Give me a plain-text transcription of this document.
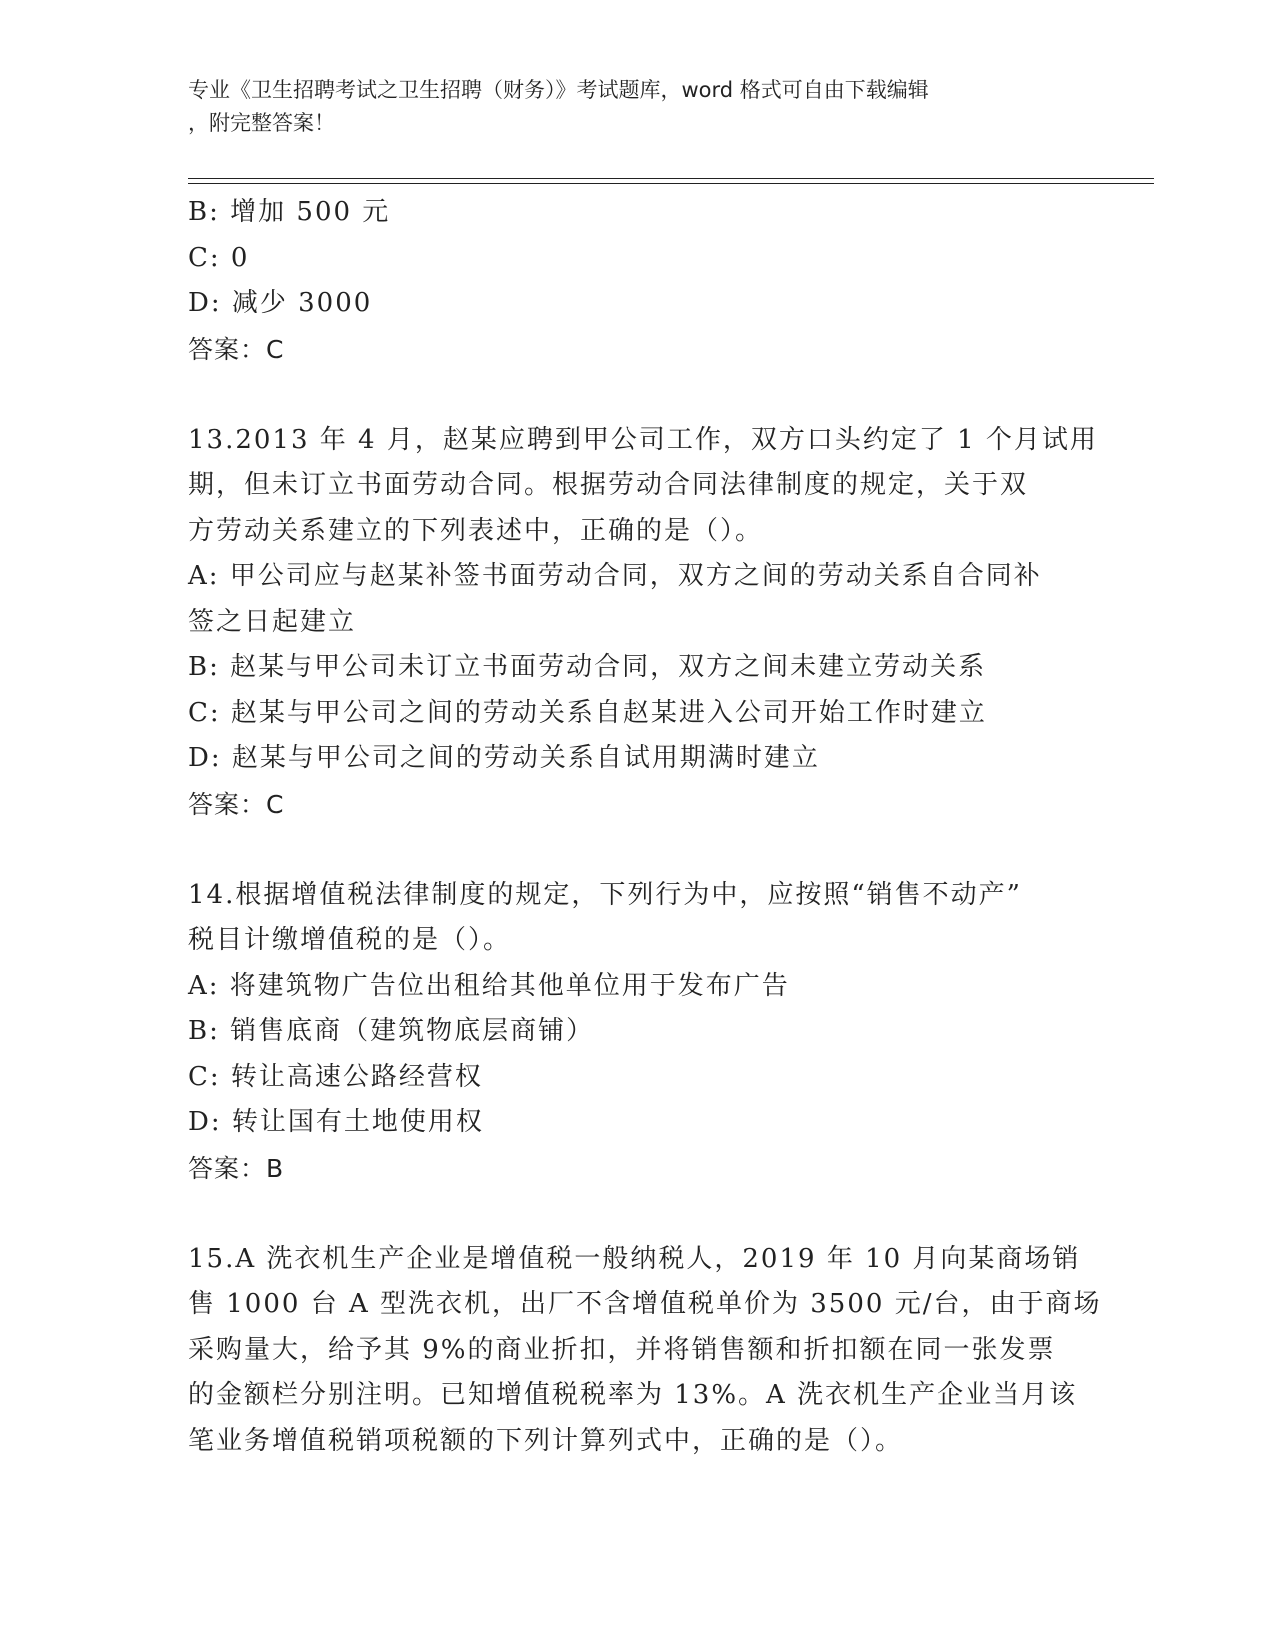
专业《卫生招聘考试之卫生招聘（财务）》考试题库，word 格式可自由下载编辑
，附完整答案！
B: 增加 500 元
C: 0
D: 减少 3000
答案：C
13.2013 年 4 月，赵某应聘到甲公司工作，双方口头约定了 1 个月试用
期，但未订立书面劳动合同。根据劳动合同法律制度的规定，关于双
方劳动关系建立的下列表述中，正确的是（）。
A: 甲公司应与赵某补签书面劳动合同，双方之间的劳动关系自合同补
签之日起建立
B: 赵某与甲公司未订立书面劳动合同，双方之间未建立劳动关系
C: 赵某与甲公司之间的劳动关系自赵某进入公司开始工作时建立
D: 赵某与甲公司之间的劳动关系自试用期满时建立
答案：C
14.根据增值税法律制度的规定，下列行为中，应按照“销售不动产”
税目计缴增值税的是（）。
A: 将建筑物广告位出租给其他单位用于发布广告
B: 销售底商（建筑物底层商铺）
C: 转让高速公路经营权
D: 转让国有土地使用权
答案：B
15.A 洗衣机生产企业是增值税一般纳税人，2019 年 10 月向某商场销
售 1000 台 A 型洗衣机，出厂不含增值税单价为 3500 元/台，由于商场
采购量大，给予其 9%的商业折扣，并将销售额和折扣额在同一张发票
的金额栏分别注明。已知增值税税率为 13%。A 洗衣机生产企业当月该
笔业务增值税销项税额的下列计算列式中，正确的是（）。
